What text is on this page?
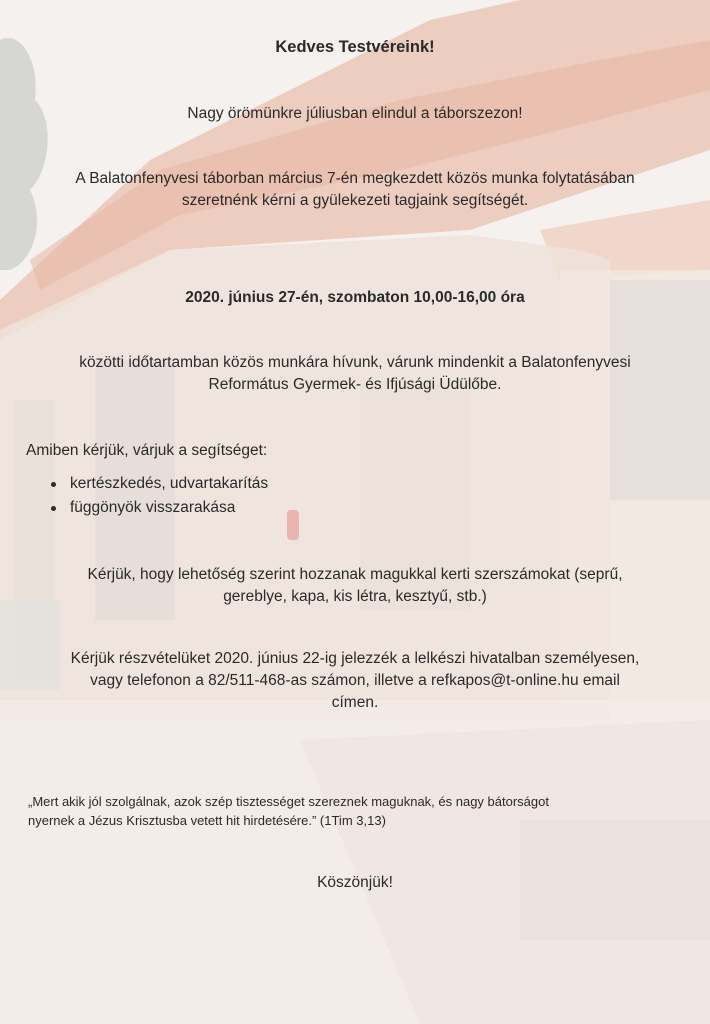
Kedves Testvéreink!
Nagy örömünkre júliusban elindul a táborszezon!
A Balatonfenyvesi táborban március 7-én megkezdett közös munka folytatásában
szeretnénk kérni a gyülekezeti tagjaink segítségét.
2020. június 27-én, szombaton 10,00-16,00 óra
közötti időtartamban közös munkára hívunk, várunk mindenkit a Balatonfenyvesi
Református Gyermek- és Ifjúsági Üdülőbe.
Amiben kérjük, várjuk a segítséget:
kertészkedés, udvartakarítás
függönyök visszarakása
Kérjük, hogy lehetőség szerint hozzanak magukkal kerti szerszámokat (seprű,
gereblye, kapa, kis létra, kesztyű, stb.)
Kérjük részvételüket 2020. június 22-ig jelezzék a lelkészi hivatalban személyesen,
vagy telefonon a 82/511-468-as számon, illetve a refkapos@t-online.hu email
címen.
„Mert akik jól szolgálnak, azok szép tisztességet szereznek maguknak, és nagy bátorságot
nyernek a Jézus Krisztusba vetett hit hirdetésére.” (1Tim 3,13)
Köszönjük!
